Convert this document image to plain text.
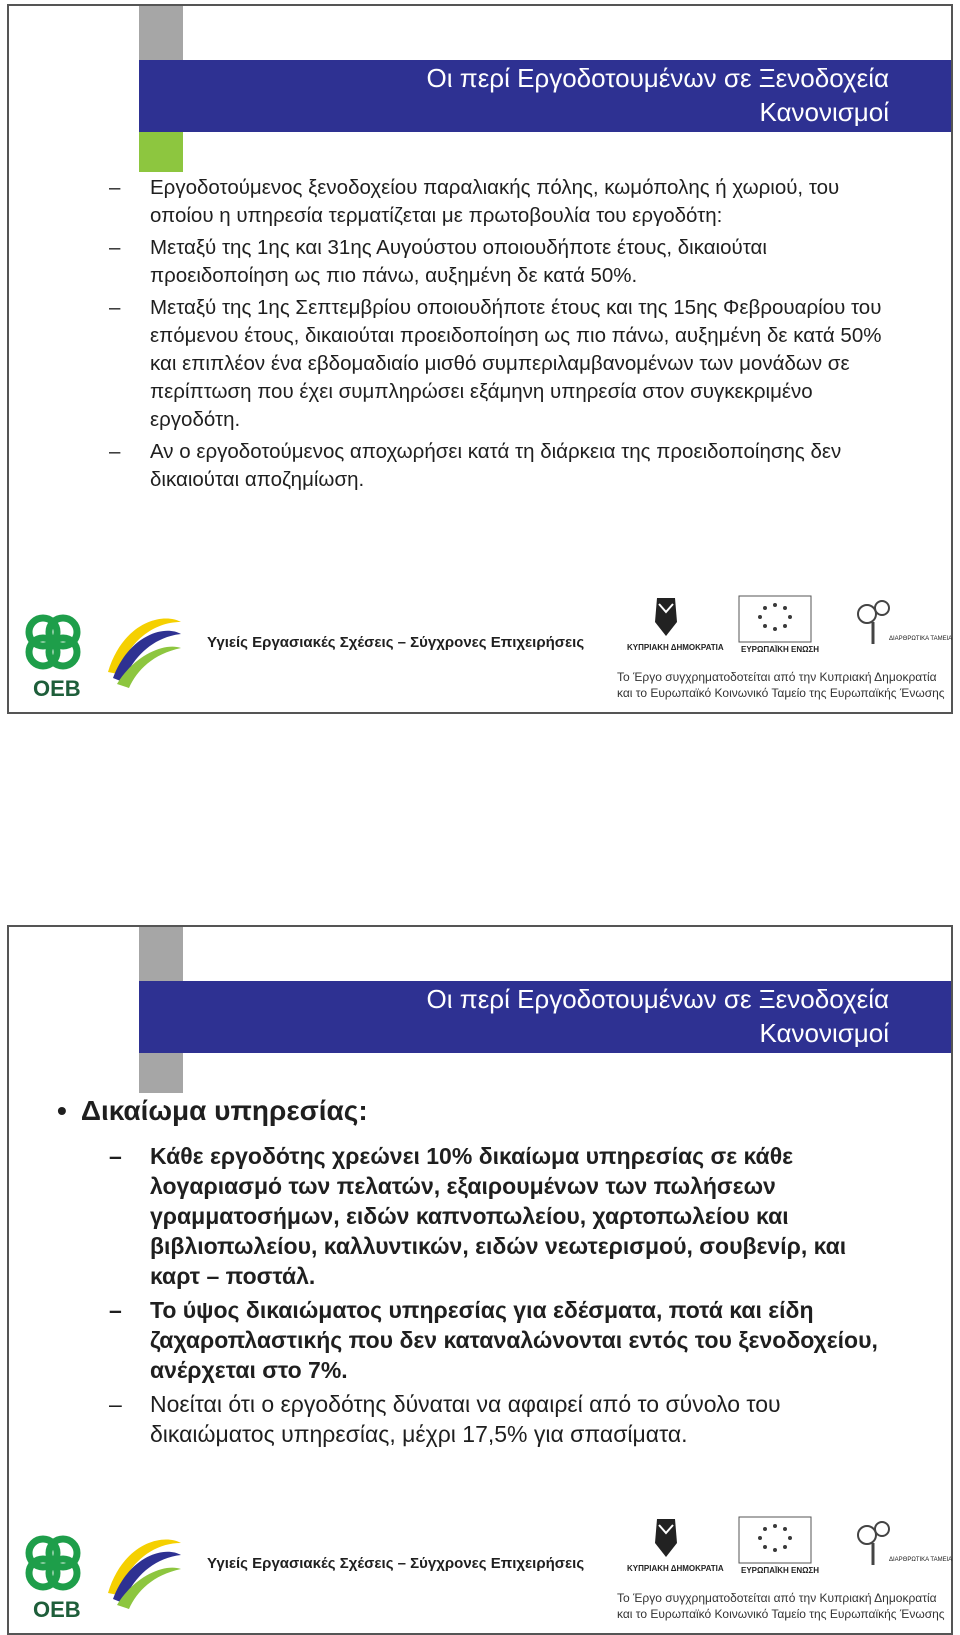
Οι περί Εργοδοτουμένων σε Ξενοδοχεία
Κανονισμοί
– Εργοδοτούμενος ξενοδοχείου παραλιακής πόλης, κωμόπολης ή χωριού, του οποίου η υπηρεσία τερματίζεται με πρωτοβουλία του εργοδότη:
– Μεταξύ της 1ης και 31ης Αυγούστου οποιουδήποτε έτους, δικαιούται προειδοποίηση ως πιο πάνω, αυξημένη δε κατά 50%.
– Μεταξύ της 1ης Σεπτεμβρίου οποιουδήποτε έτους και της 15ης Φεβρουαρίου του επόμενου έτους, δικαιούται προειδοποίηση ως πιο πάνω, αυξημένη δε κατά 50% και επιπλέον ένα εβδομαδιαίο μισθό συμπεριλαμβανομένων των μονάδων σε περίπτωση που έχει συμπληρώσει εξάμηνη υπηρεσία στον συγκεκριμένο εργοδότη.
– Αν ο εργοδοτούμενος αποχωρήσει κατά τη διάρκεια της προειδοποίησης δεν δικαιούται αποζημίωση.
OEB
Υγιείς Εργασιακές Σχέσεις – Σύγχρονες Επιχειρήσεις	ΚΥΠΡΙΑΚΗ ΔΗΜΟΚΡΑΤΙΑ ΕΥΡΩΠΑΪΚΗ ΕΝΩΣΗ
ΔΙΑΡΘΡΩΤΙΚΑ ΤΑΜΕΙΑ
Το Έργο συγχρηματοδοτείται από την Κυπριακή Δημοκρατία
και το Ευρωπαϊκό Κοινωνικό Ταμείο της Ευρωπαϊκής Ένωσης
Οι περί Εργοδοτουμένων σε Ξενοδοχεία
Κανονισμοί
• Δικαίωμα υπηρεσίας:
– Κάθε εργοδότης χρεώνει 10% δικαίωμα υπηρεσίας σε κάθε λογαριασμό των πελατών, εξαιρουμένων των πωλήσεων γραμματοσήμων, ειδών καπνοπωλείου, χαρτοπωλείου και βιβλιοπωλείου, καλλυντικών, ειδών νεωτερισμού, σουβενίρ, και καρτ – ποστάλ.
– Το ύψος δικαιώματος υπηρεσίας για εδέσματα, ποτά και είδη ζαχαροπλαστικής που δεν καταναλώνονται εντός του ξενοδοχείου, ανέρχεται στο 7%.
– Νοείται ότι ο εργοδότης δύναται να αφαιρεί από το σύνολο του δικαιώματος υπηρεσίας, μέχρι 17,5% για σπασίματα.
OEB
Υγιείς Εργασιακές Σχέσεις – Σύγχρονες Επιχειρήσεις	ΚΥΠΡΙΑΚΗ ΔΗΜΟΚΡΑΤΙΑ ΕΥΡΩΠΑΪΚΗ ΕΝΩΣΗ
ΔΙΑΡΘΡΩΤΙΚΑ ΤΑΜΕΙΑ
Το Έργο συγχρηματοδοτείται από την Κυπριακή Δημοκρατία
και το Ευρωπαϊκό Κοινωνικό Ταμείο της Ευρωπαϊκής Ένωσης
